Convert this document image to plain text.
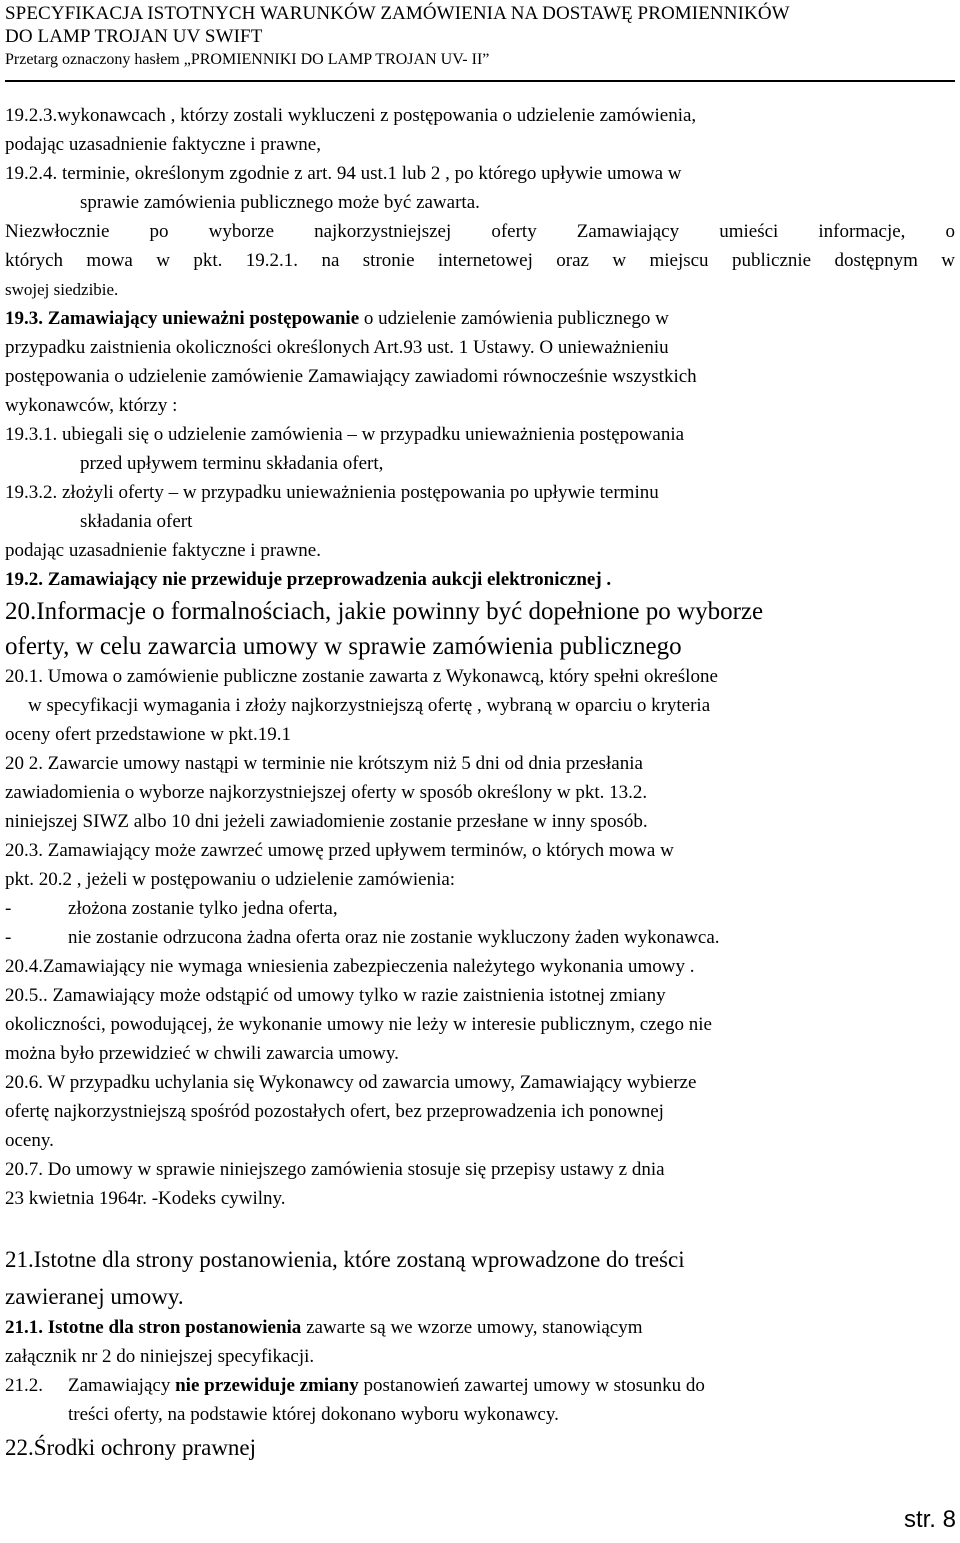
SPECYFIKACJA ISTOTNYCH WARUNKÓW ZAMÓWIENIA NA DOSTAWĘ PROMIENNIKÓW
DO LAMP TROJAN UV SWIFT
Przetarg oznaczony hasłem „PROMIENNIKI DO LAMP TROJAN UV- II”
19.2.3.wykonawcach , którzy zostali wykluczeni z postępowania o udzielenie zamówienia,
podając uzasadnienie faktyczne i prawne,
19.2.4. terminie, określonym zgodnie z art. 94 ust.1 lub 2 , po którego upływie umowa w
sprawie zamówienia publicznego może być zawarta.
Niezwłocznie po wyborze najkorzystniejszej oferty Zamawiający umieści informacje, o
których mowa w pkt. 19.2.1. na stronie internetowej oraz w miejscu publicznie dostępnym w
swojej siedzibie.
19.3. Zamawiający unieważni postępowanie o udzielenie zamówienia publicznego w
przypadku zaistnienia okoliczności określonych Art.93 ust. 1 Ustawy. O unieważnieniu
postępowania o udzielenie zamówienie Zamawiający zawiadomi równocześnie wszystkich
wykonawców, którzy :
19.3.1. ubiegali się o udzielenie zamówienia – w przypadku unieważnienia postępowania
przed upływem terminu składania ofert,
19.3.2. złożyli oferty – w przypadku unieważnienia postępowania po upływie terminu
składania ofert
podając uzasadnienie faktyczne i prawne.
19.2. Zamawiający nie przewiduje przeprowadzenia aukcji elektronicznej .
20.Informacje o formalnościach, jakie powinny być dopełnione po wyborze
oferty, w celu zawarcia umowy w sprawie zamówienia publicznego
20.1. Umowa o zamówienie publiczne zostanie zawarta z Wykonawcą, który spełni określone
w specyfikacji wymagania i złoży najkorzystniejszą ofertę , wybraną w oparciu o kryteria
oceny ofert przedstawione w pkt.19.1
20 2. Zawarcie umowy nastąpi w terminie nie krótszym niż 5 dni od dnia przesłania
zawiadomienia o wyborze najkorzystniejszej oferty w sposób określony w pkt. 13.2.
niniejszej SIWZ albo 10 dni jeżeli zawiadomienie zostanie przesłane w inny sposób.
20.3. Zamawiający może zawrzeć umowę przed upływem terminów, o których mowa w
pkt. 20.2 , jeżeli w postępowaniu o udzielenie zamówienia:
-	złożona zostanie tylko jedna oferta,
-	nie zostanie odrzucona żadna oferta oraz nie zostanie wykluczony żaden wykonawca.
20.4.Zamawiający nie wymaga wniesienia zabezpieczenia należytego wykonania umowy .
20.5.. Zamawiający może odstąpić od umowy tylko w razie zaistnienia istotnej zmiany
okoliczności, powodującej, że wykonanie umowy nie leży w interesie publicznym, czego nie
można było przewidzieć w chwili zawarcia umowy.
20.6. W przypadku uchylania się Wykonawcy od zawarcia umowy, Zamawiający wybierze
ofertę najkorzystniejszą spośród pozostałych ofert, bez przeprowadzenia ich ponownej
oceny.
20.7. Do umowy w sprawie niniejszego zamówienia stosuje się przepisy ustawy z dnia
23 kwietnia 1964r. -Kodeks cywilny.
21.Istotne dla strony postanowienia, które zostaną wprowadzone do treści
zawieranej umowy.
21.1. Istotne dla stron postanowienia zawarte są we wzorze umowy, stanowiącym
załącznik nr 2 do niniejszej specyfikacji.
21.2. Zamawiający nie przewiduje zmiany postanowień zawartej umowy w stosunku do
treści oferty, na podstawie której dokonano wyboru wykonawcy.
22.Środki ochrony prawnej
str. 8
